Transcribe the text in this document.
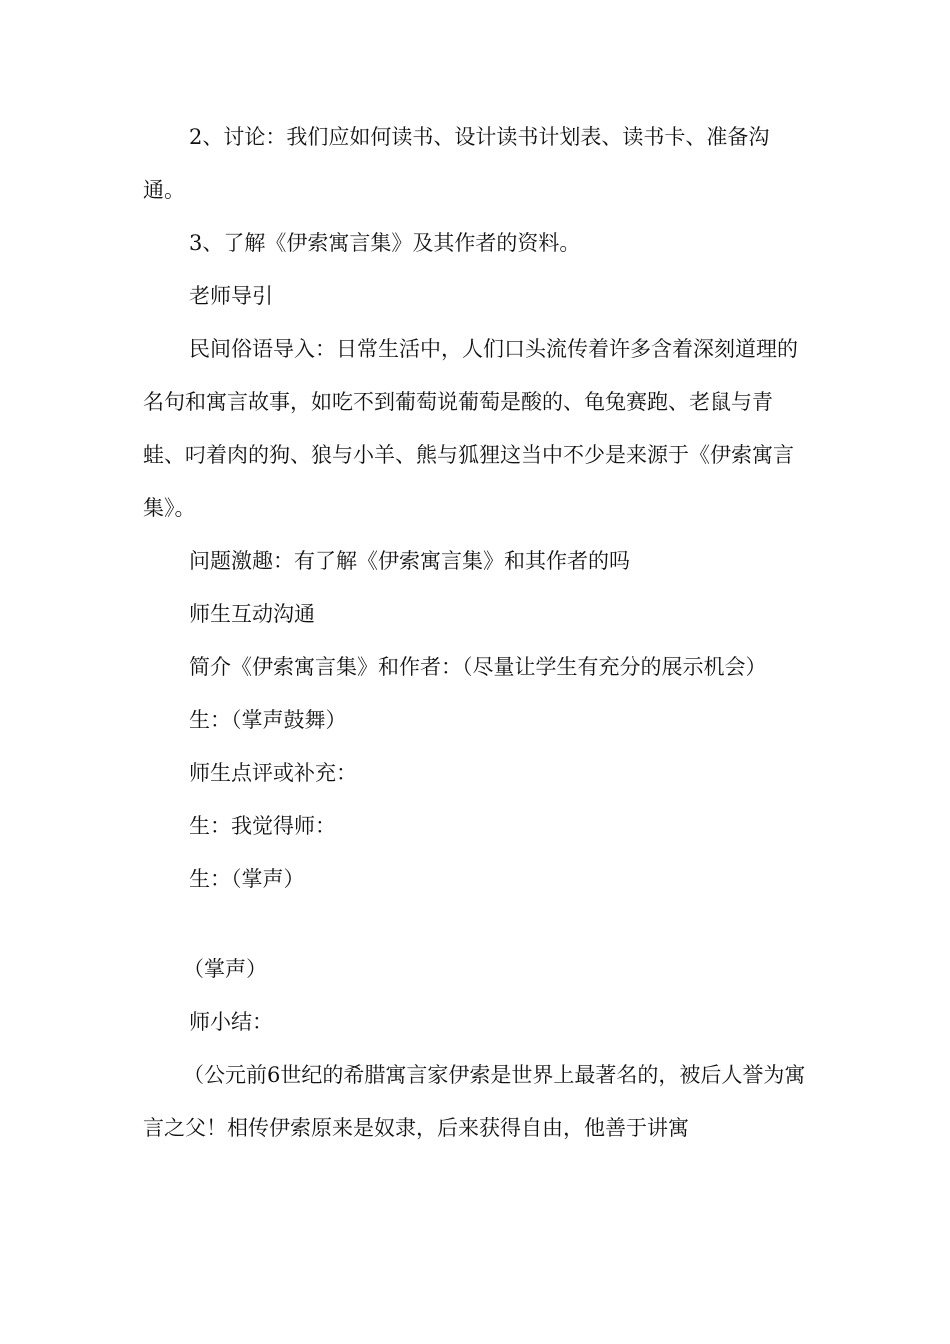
2、讨论：我们应如何读书、设计读书计划表、读书卡、准备沟通。

3、了解《伊索寓言集》及其作者的资料。

老师导引

民间俗语导入：日常生活中，人们口头流传着许多含着深刻道理的名句和寓言故事，如吃不到葡萄说葡萄是酸的、龟兔赛跑、老鼠与青蛙、叼着肉的狗、狼与小羊、熊与狐狸这当中不少是来源于《伊索寓言集》。

问题激趣：有了解《伊索寓言集》和其作者的吗

师生互动沟通

简介《伊索寓言集》和作者：（尽量让学生有充分的展示机会）

生：（掌声鼓舞）

师生点评或补充：

生：我觉得师：

生：（掌声）

（掌声）

师小结：

（公元前6世纪的希腊寓言家伊索是世界上最著名的，被后人誉为寓言之父！相传伊索原来是奴隶，后来获得自由，他善于讲寓
